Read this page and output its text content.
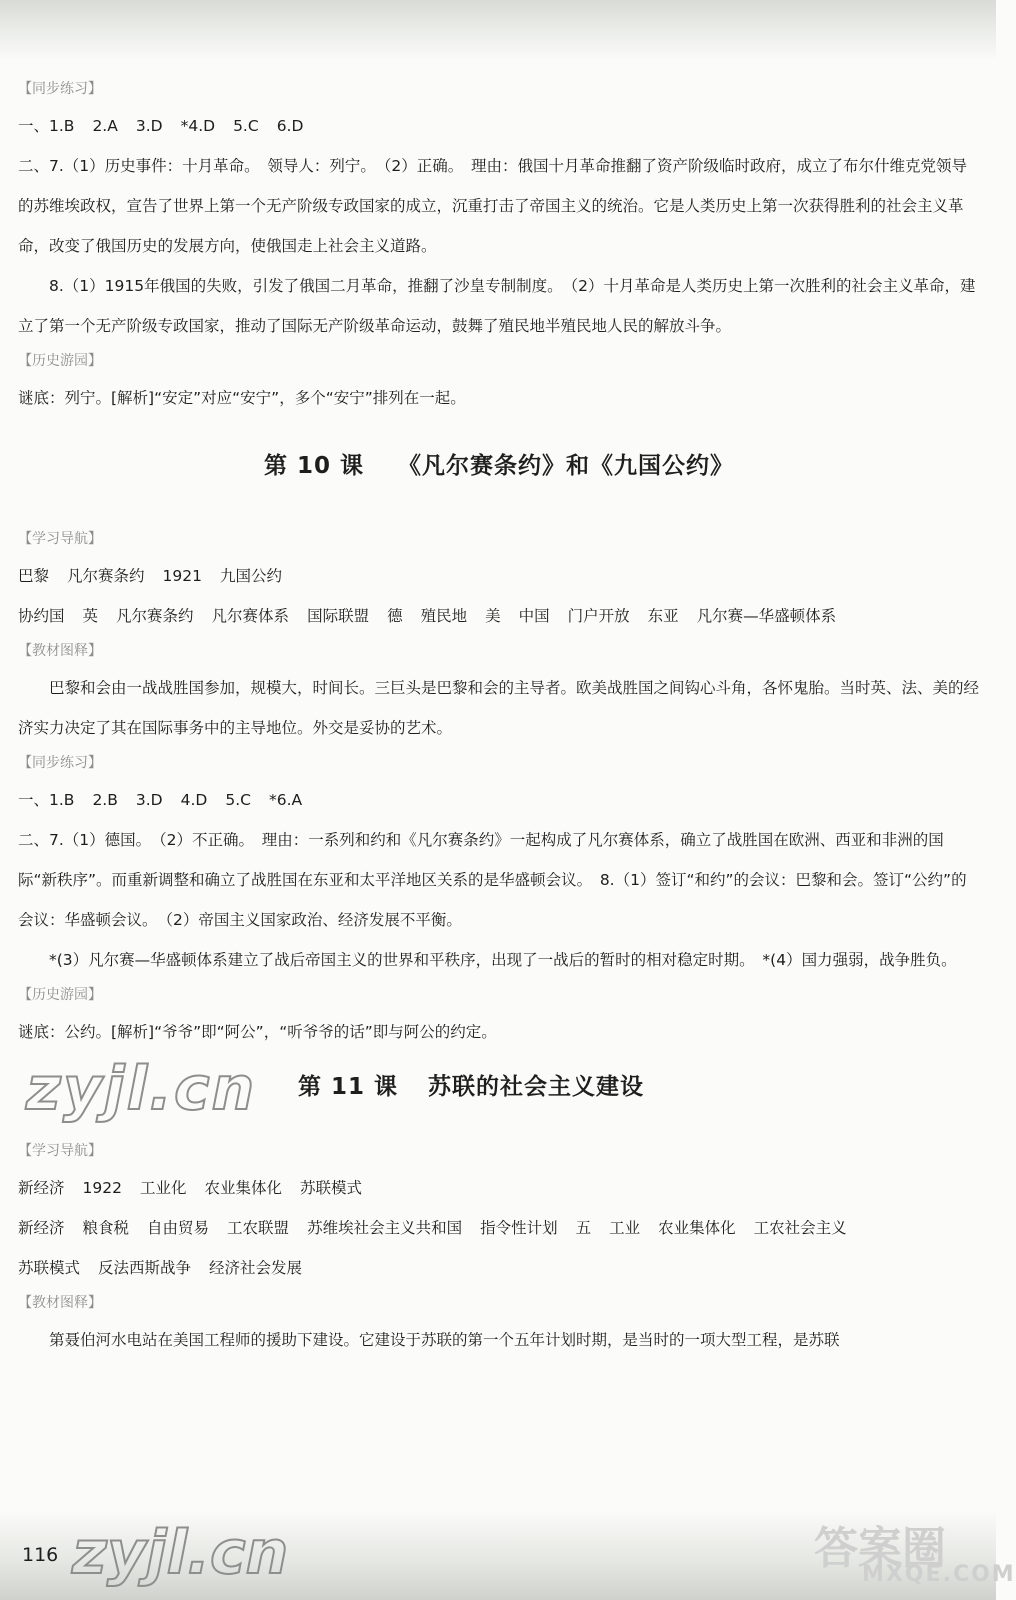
【同步练习】
一、1.B 2.A 3.D *4.D 5.C 6.D

二、7.（1）历史事件：十月革命。　领导人：列宁。　（2）正确。　理由：俄国十月革命推翻了资产阶级临时政府，成立了布尔什维克党领导的苏维埃政权，宣告了世界上第一个无产阶级专政国家的成立，沉重打击了帝国主义的统治。它是人类历史上第一次获得胜利的社会主义革命，改变了俄国历史的发展方向，使俄国走上社会主义道路。

8.（1）1915年俄国的失败，引发了俄国二月革命，推翻了沙皇专制制度。　（2）十月革命是人类历史上第一次胜利的社会主义革命，建立了第一个无产阶级专政国家，推动了国际无产阶级革命运动，鼓舞了殖民地半殖民地人民的解放斗争。

【历史游园】

谜底：列宁。[解析]“安定”对应“安宁”，多个“安宁”排列在一起。

第 10 课 《凡尔赛条约》和《九国公约》
【学习导航】
巴黎 凡尔赛条约 1921 九国公约
协约国 英 凡尔赛条约 凡尔赛体系 国际联盟 德 殖民地 美 中国 门户开放 东亚 凡尔赛—华盛顿体系
【教材图释】

巴黎和会由一战战胜国参加，规模大，时间长。三巨头是巴黎和会的主导者。欧美战胜国之间钩心斗角，各怀鬼胎。当时英、法、美的经济实力决定了其在国际事务中的主导地位。外交是妥协的艺术。

【同步练习】
一、1.B 2.B 3.D 4.D 5.C *6.A

二、7.（1）德国。　（2）不正确。　理由：一系列和约和《凡尔赛条约》一起构成了凡尔赛体系，确立了战胜国在欧洲、西亚和非洲的国际“新秩序”。而重新调整和确立了战胜国在东亚和太平洋地区关系的是华盛顿会议。　8.（1）签订“和约”的会议：巴黎和会。签订“公约”的会议：华盛顿会议。　（2）帝国主义国家政治、经济发展不平衡。

*(3）凡尔赛—华盛顿体系建立了战后帝国主义的世界和平秩序，出现了一战后的暂时的相对稳定时期。　*(4）国力强弱，战争胜负。

【历史游园】

谜底：公约。[解析]“爷爷”即“阿公”，“听爷爷的话”即与阿公的约定。

zyjl.cn 第 11 课 苏联的社会主义建设
【学习导航】
新经济 1922 工业化 农业集体化 苏联模式
新经济 粮食税 自由贸易 工农联盟 苏维埃社会主义共和国 指令性计划 五 工业 农业集体化 工农社会主义
苏联模式 反法西斯战争 经济社会发展
【教材图释】

第聂伯河水电站在美国工程师的援助下建设。它建设于苏联的第一个五年计划时期，是当时的一项大型工程，是苏联

zyjl.cn
116	答案圈
MXQE.COM
